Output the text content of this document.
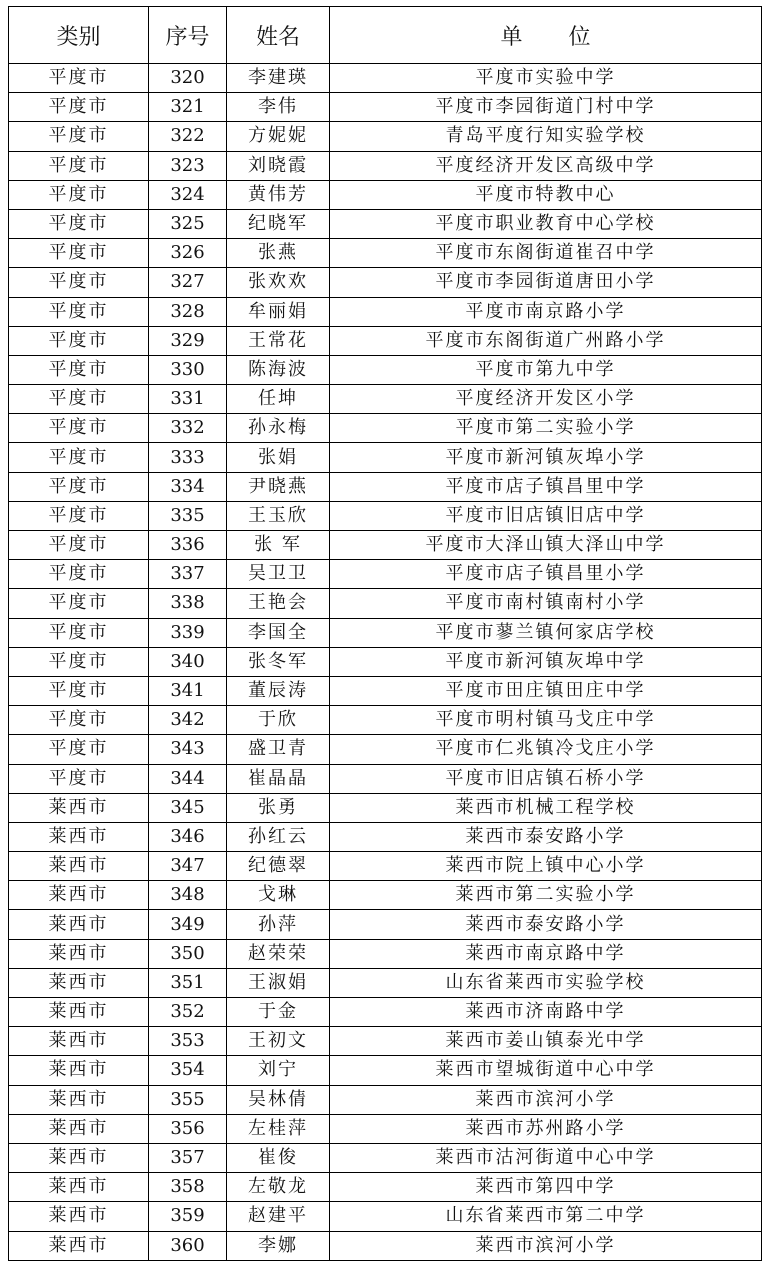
类别	序号	姓名	单位
平度市	320	李建瑛	平度市实验中学
平度市	321	李伟	平度市李园街道门村中学
平度市	322	方妮妮	青岛平度行知实验学校
平度市	323	刘晓霞	平度经济开发区高级中学
平度市	324	黄伟芳	平度市特教中心
平度市	325	纪晓军	平度市职业教育中心学校
平度市	326	张燕	平度市东阁街道崔召中学
平度市	327	张欢欢	平度市李园街道唐田小学
平度市	328	牟丽娟	平度市南京路小学
平度市	329	王常花	平度市东阁街道广州路小学
平度市	330	陈海波	平度市第九中学
平度市	331	任坤	平度经济开发区小学
平度市	332	孙永梅	平度市第二实验小学
平度市	333	张娟	平度市新河镇灰埠小学
平度市	334	尹晓燕	平度市店子镇昌里中学
平度市	335	王玉欣	平度市旧店镇旧店中学
平度市	336	张 军	平度市大泽山镇大泽山中学
平度市	337	吴卫卫	平度市店子镇昌里小学
平度市	338	王艳会	平度市南村镇南村小学
平度市	339	李国全	平度市蓼兰镇何家店学校
平度市	340	张冬军	平度市新河镇灰埠中学
平度市	341	董辰涛	平度市田庄镇田庄中学
平度市	342	于欣	平度市明村镇马戈庄中学
平度市	343	盛卫青	平度市仁兆镇冷戈庄小学
平度市	344	崔晶晶	平度市旧店镇石桥小学
莱西市	345	张勇	莱西市机械工程学校
莱西市	346	孙红云	莱西市泰安路小学
莱西市	347	纪德翠	莱西市院上镇中心小学
莱西市	348	戈琳	莱西市第二实验小学
莱西市	349	孙萍	莱西市泰安路小学
莱西市	350	赵荣荣	莱西市南京路中学
莱西市	351	王淑娟	山东省莱西市实验学校
莱西市	352	于金	莱西市济南路中学
莱西市	353	王初文	莱西市姜山镇泰光中学
莱西市	354	刘宁	莱西市望城街道中心中学
莱西市	355	吴林倩	莱西市滨河小学
莱西市	356	左桂萍	莱西市苏州路小学
莱西市	357	崔俊	莱西市沽河街道中心中学
莱西市	358	左敬龙	莱西市第四中学
莱西市	359	赵建平	山东省莱西市第二中学
莱西市	360	李娜	莱西市滨河小学
